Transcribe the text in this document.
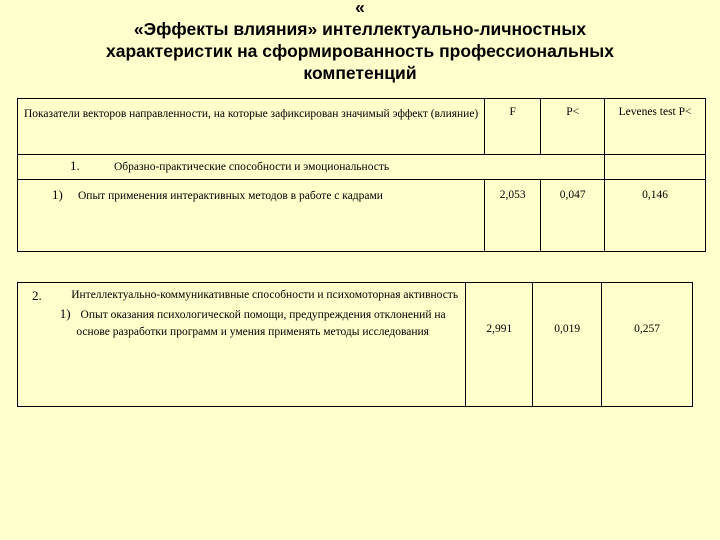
«
«Эффекты влияния» интеллектуально-личностных
характеристик на сформированность профессиональных
компетенций
Показатели векторов направленности, на которые зафиксирован значимый эффект (влияние)	F	P<	Levenes test P<
1. Образно-практические способности и эмоциональность			
1) Опыт применения интерактивных методов в работе с кадрами	2,053	0,047	0,146
2.	Интеллектуально-коммуникативные способности и психомоторная активность
1) Опыт оказания психологической помощи, предупреждения отклонений на основе разработки программ и умения применять методы исследования	2,991	0,019	0,257
